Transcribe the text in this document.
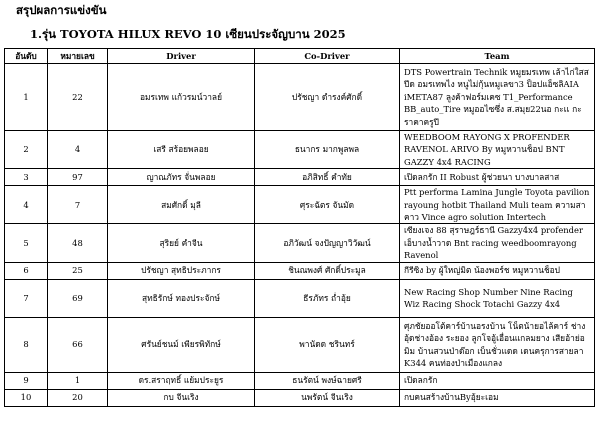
สรุปผลการแข่งขัน
1.รุ่น TOYOTA HILUX REVO 10 เซียนประจัญบาน 2025
อันดับ	หมายเลข	Driver	Co-Driver	Team
1	22	อมรเทพ แก้วรมน์วาลย์	ปรัชญา ดำรงค์ศักดิ์	DTS Powertrain Technik หมูยมรเทพ เล้าไก่ใสสปีด อมรเทพไง หนูไม่กุ้นหมูเลขา3 ป็อปแอ็ซลิAIA iMETA87 ลูงค้าฟอร์มเคซ T1_Performance BB_auto_Tire หมูออไซซึ่ง ส.สมุย22นอ กะเเ กะราคาครูปี
2	4	เสรี สร้อยพลอย	ธนากร มากพูลพล	WEEDBOOM RAYONG X PROFENDER RAVENOL ARIVO By หมูหวานช็อป BNT GAZZY 4x4 RACING
3	97	ญาณภัทร จั่นพลอย	อภิสิทธิ์ คำทัย	เปิดลกรัก II Robust ผู้ช่วยนา บางบาลสาส
4	7	สมศักดิ์ มุลี	ศุระฉัตร จันมัด	Ptt performa Lamina Jungle Toyota pavilion rayoung hotbit Thailand Muli team ความสาคาว Vince agro solution Intertech
5	48	สุริยย์ คำจีน	อภิวัฒน์ จงปัญญาวิวัฒน์	เซียงเจง 88 สุราษฎร์ธานี Gazzy4x4 profender เอ็บางน้ำวาด Bnt racing weedboomrayong Ravenol
6	25	ปรัชญา สุทธิประภากร	ชินณพงศ์ ศักดิ์ประมูล	กีรีซิง by ผู้ใหญ่มิต น้องพอร์ช หมูหวานช็อป
7	69	สุทธิรักษ์ ทองประจักษ์	ธีรภัทร ถ่ำอุ้ย	New Racing Shop Number Nine Racing Wiz Racing Shock Totachi Gazzy 4x4
8	66	ศรันย์ชนม์ เพียรพิทักษ์	พานัดด ชรินทร์	ศุภชัยออโต้คาร์บ้านอรงบ้าน โน็ตน้ายอไล้คาร์ ช่างอุ้ดช่างอ้อง ระยอง ลูกโจอู้เอื่อนแกลมยาง เสียอ้าย่อมิม บ้านสวนป่าด๊อก เบ็นชั่วแดด เดนครุการสายลา K344 คนท่องป่าเมืองแกลง
9	1	ดร.สราฤทธิ์ แย้มประยูร	ธนรัตน์ พงษ์ฉายศรี	เปิดลกรัก
10	20	กบ จีนเริง	นพรัตน์ จีนเริง	กบคนสร้างบ้านByอุ้ยะเอม
